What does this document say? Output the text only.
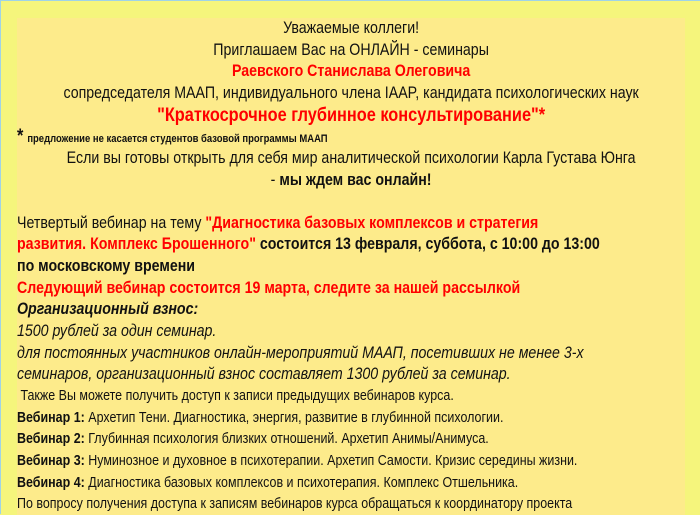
Уважаемые коллеги!
Приглашаем Вас на ОНЛАЙН - семинары
Раевского Станислава Олеговича
сопредседателя МААП, индивидуального члена IAAP, кандидата психологических наук
"Краткосрочное глубинное консультирование"*
* предложение не касается студентов базовой программы МААП
Если вы готовы открыть для себя мир аналитической психологии Карла Густава Юнга
- мы ждем вас онлайн!
Четвертый вебинар на тему "Диагностика базовых комплексов и стратегия
развития. Комплекс Брошенного" состоится 13 февраля, суббота, с 10:00 до 13:00
по московскому времени
Следующий вебинар состоится 19 марта, следите за нашей рассылкой
Организационный взнос:
1500 рублей за один семинар.
для постоянных участников онлайн-мероприятий МААП, посетивших не менее 3-х
семинаров, организационный взнос составляет 1300 рублей за семинар.
Также Вы можете получить доступ к записи предыдущих вебинаров курса.
Вебинар 1: Архетип Тени. Диагностика, энергия, развитие в глубинной психологии.
Вебинар 2: Глубинная психология близких отношений. Архетип Анимы/Анимуса.
Вебинар 3: Нуминозное и духовное в психотерапии. Архетип Самости. Кризис середины жизни.
Вебинар 4: Диагностика базовых комплексов и психотерапия. Комплекс Отшельника.
По вопросу получения доступа к записям вебинаров курса обращаться к координатору проекта
